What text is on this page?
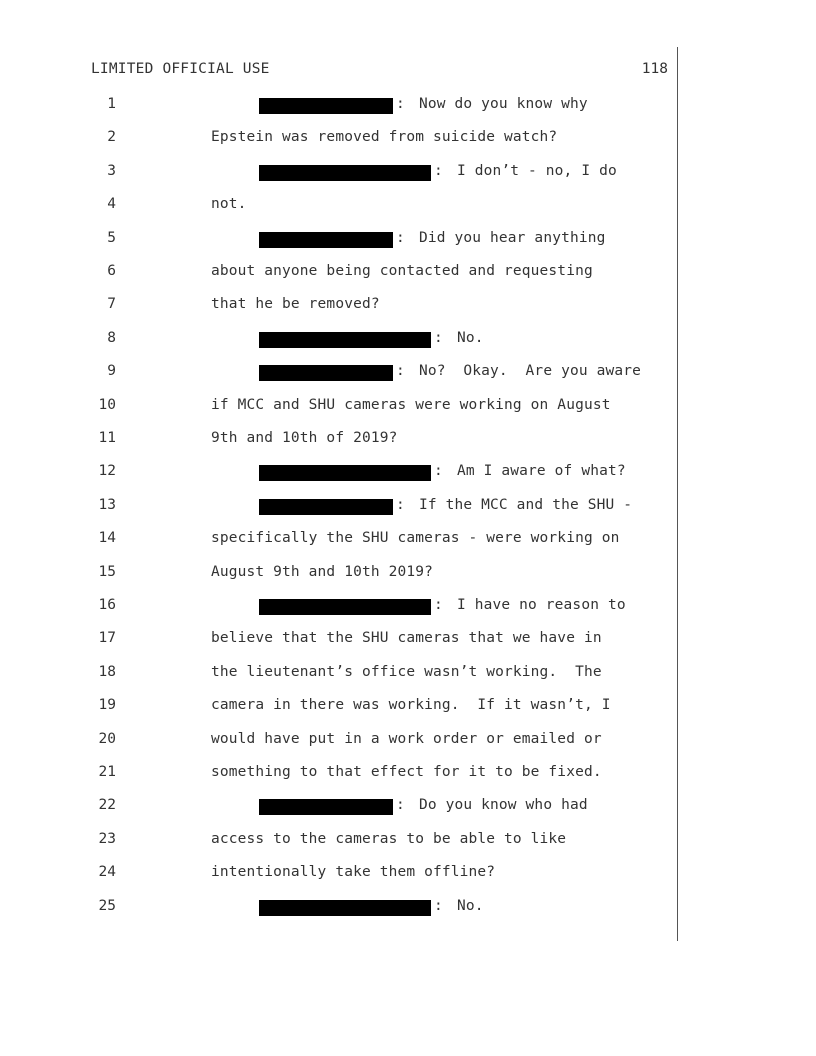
LIMITED OFFICIAL USE	118
1	: Now do you know why
2	Epstein was removed from suicide watch?
3	: I don’t - no, I do
4	not.
5	: Did you hear anything
6	about anyone being contacted and requesting
7	that he be removed?
8	: No.
9	: No?  Okay.  Are you aware
10	if MCC and SHU cameras were working on August
11	9th and 10th of 2019?
12	: Am I aware of what?
13	: If the MCC and the SHU -
14	specifically the SHU cameras - were working on
15	August 9th and 10th 2019?
16	: I have no reason to
17	believe that the SHU cameras that we have in
18	the lieutenant’s office wasn’t working.  The
19	camera in there was working.  If it wasn’t, I
20	would have put in a work order or emailed or
21	something to that effect for it to be fixed.
22	: Do you know who had
23	access to the cameras to be able to like
24	intentionally take them offline?
25	: No.
